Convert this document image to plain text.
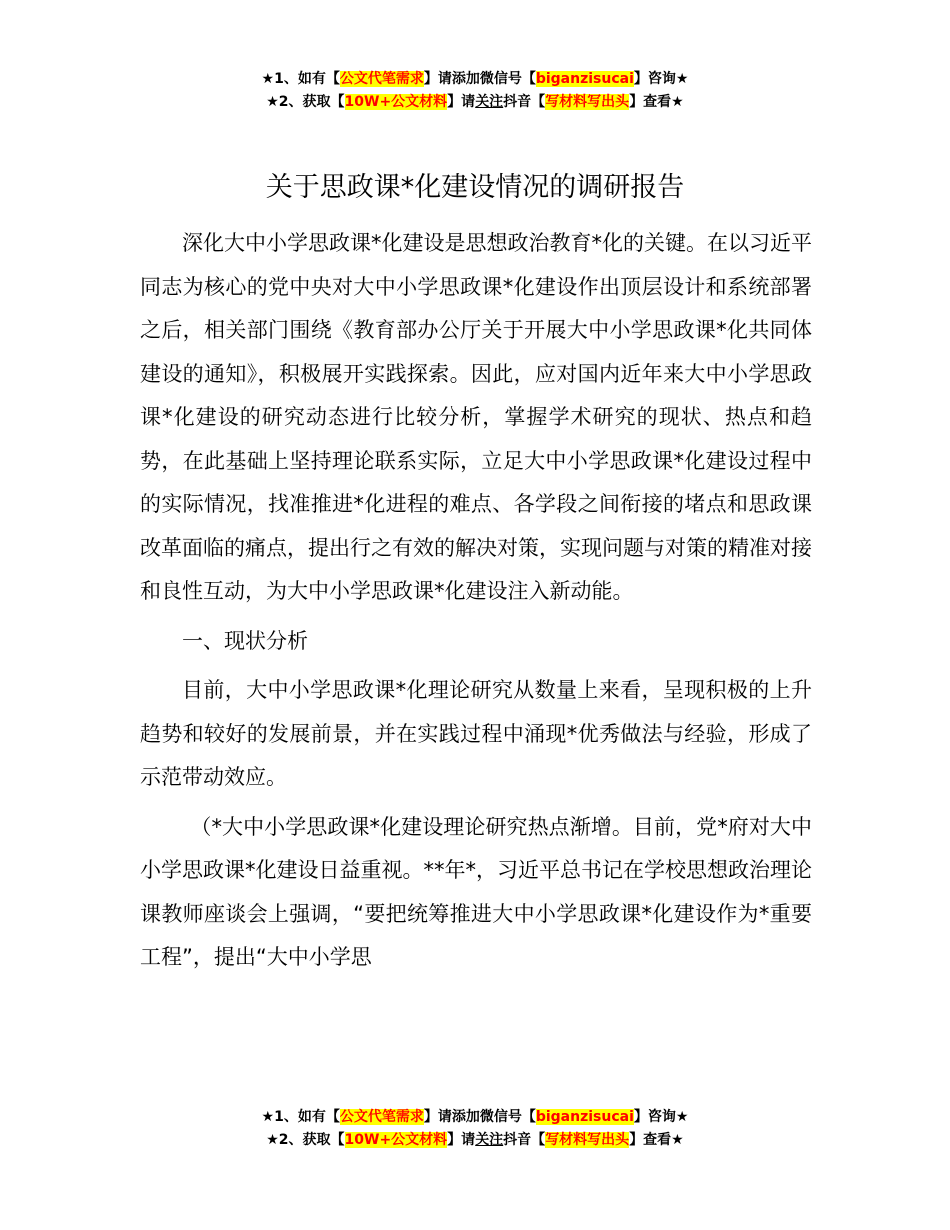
★1、如有【公文代笔需求】请添加微信号【biganzisucai】咨询★
★2、获取【10W+公文材料】请关注抖音【写材料写出头】查看★
关于思政课*化建设情况的调研报告

深化大中小学思政课*化建设是思想政治教育*化的关键。在以习近平同志为核心的党中央对大中小学思政课*化建设作出顶层设计和系统部署之后，相关部门围绕《教育部办公厅关于开展大中小学思政课*化共同体建设的通知》，积极展开实践探索。因此，应对国内近年来大中小学思政课*化建设的研究动态进行比较分析，掌握学术研究的现状、热点和趋势，在此基础上坚持理论联系实际，立足大中小学思政课*化建设过程中的实际情况，找准推进*化进程的难点、各学段之间衔接的堵点和思政课改革面临的痛点，提出行之有效的解决对策，实现问题与对策的精准对接和良性互动，为大中小学思政课*化建设注入新动能。

一、现状分析

目前，大中小学思政课*化理论研究从数量上来看，呈现积极的上升趋势和较好的发展前景，并在实践过程中涌现*优秀做法与经验，形成了示范带动效应。

（*大中小学思政课*化建设理论研究热点渐增。目前，党*府对大中小学思政课*化建设日益重视。**年*，习近平总书记在学校思想政治理论课教师座谈会上强调，“要把统筹推进大中小学思政课*化建设作为*重要工程”，提出“大中小学思

★1、如有【公文代笔需求】请添加微信号【biganzisucai】咨询★
★2、获取【10W+公文材料】请关注抖音【写材料写出头】查看★
